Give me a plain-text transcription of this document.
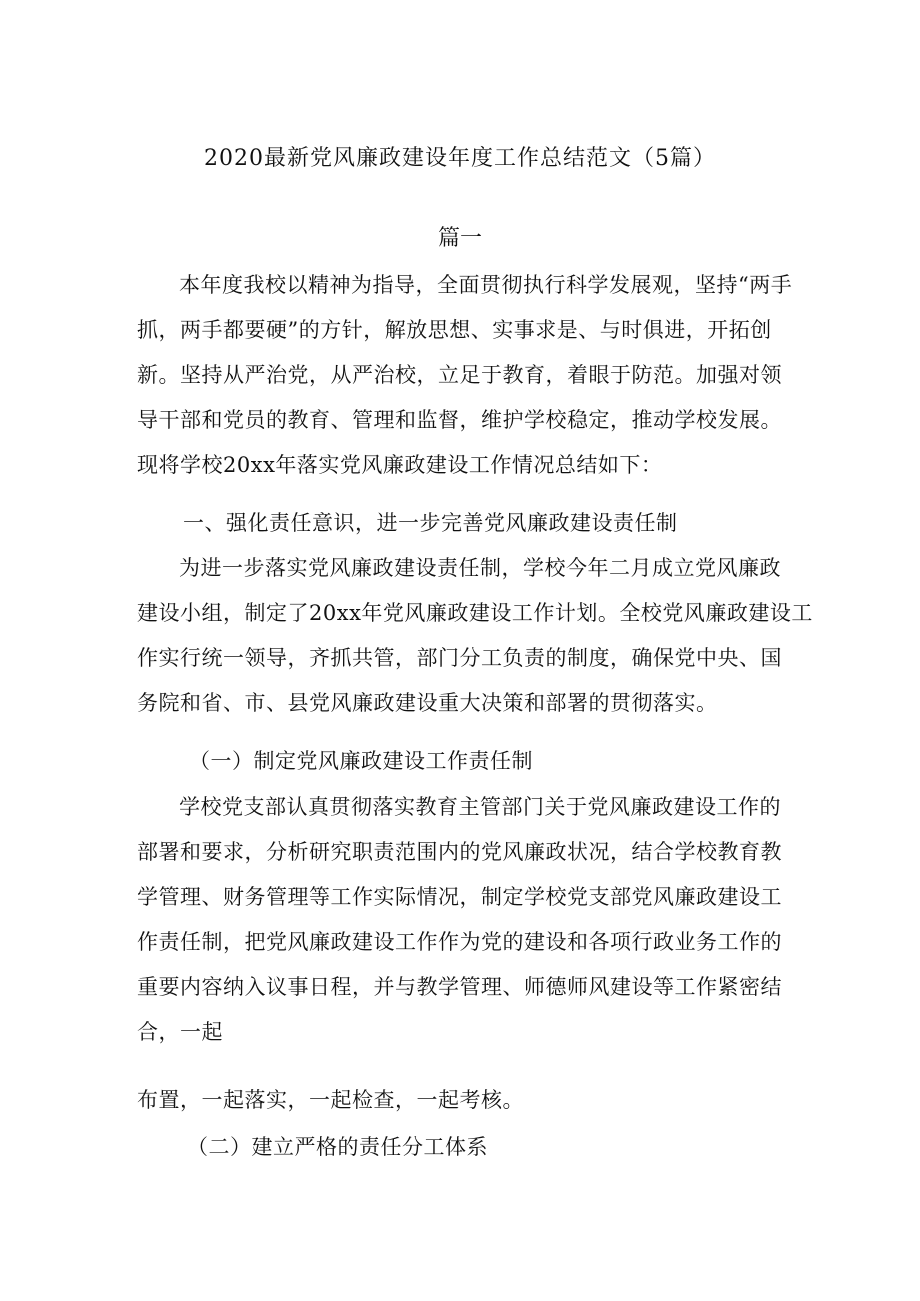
2020最新党风廉政建设年度工作总结范文（5篇）
篇一
本年度我校以精神为指导，全面贯彻执行科学发展观，坚持“两手
抓，两手都要硬”的方针，解放思想、实事求是、与时俱进，开拓创
新。坚持从严治党，从严治校，立足于教育，着眼于防范。加强对领
导干部和党员的教育、管理和监督，维护学校稳定，推动学校发展。
现将学校20xx年落实党风廉政建设工作情况总结如下：
一、强化责任意识，进一步完善党风廉政建设责任制
为进一步落实党风廉政建设责任制，学校今年二月成立党风廉政
建设小组，制定了20xx年党风廉政建设工作计划。全校党风廉政建设工
作实行统一领导，齐抓共管，部门分工负责的制度，确保党中央、国
务院和省、市、县党风廉政建设重大决策和部署的贯彻落实。
（一）制定党风廉政建设工作责任制
学校党支部认真贯彻落实教育主管部门关于党风廉政建设工作的
部署和要求，分析研究职责范围内的党风廉政状况，结合学校教育教
学管理、财务管理等工作实际情况，制定学校党支部党风廉政建设工
作责任制，把党风廉政建设工作作为党的建设和各项行政业务工作的
重要内容纳入议事日程，并与教学管理、师德师风建设等工作紧密结
合，一起
布置，一起落实，一起检查，一起考核。
（二）建立严格的责任分工体系
